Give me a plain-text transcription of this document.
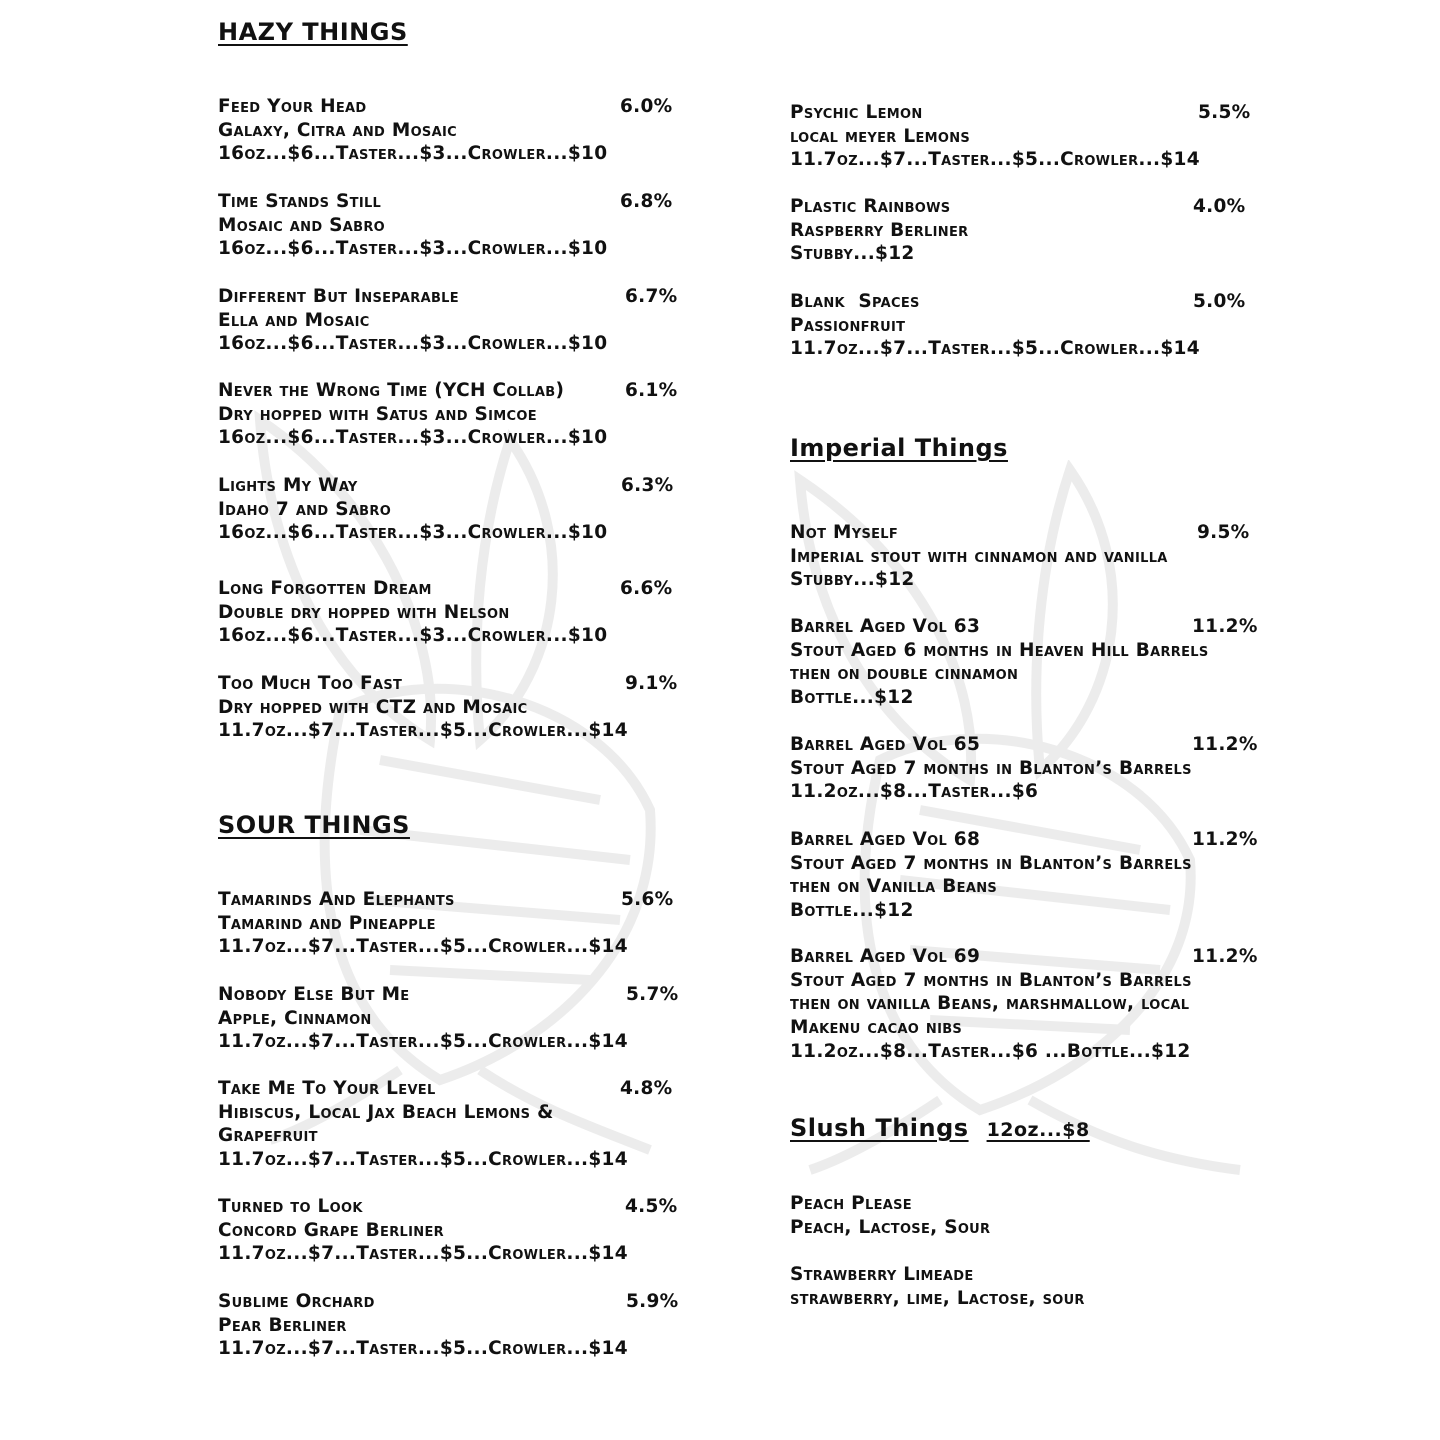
HAZY THINGS
Feed Your Head	6.0%
Galaxy, Citra and Mosaic
16oz...$6...Taster...$3...Crowler...$10
Time Stands Still	6.8%
Mosaic and Sabro
16oz...$6...Taster...$3...Crowler...$10
Different But Inseparable	6.7%
Ella and Mosaic
16oz...$6...Taster...$3...Crowler...$10
Never the Wrong Time (YCH Collab)	6.1%
Dry hopped with Satus and Simcoe
16oz...$6...Taster...$3...Crowler...$10
Lights My Way	6.3%
Idaho 7 and Sabro
16oz...$6...Taster...$3...Crowler...$10
Long Forgotten Dream	6.6%
Double dry hopped with Nelson
16oz...$6...Taster...$3...Crowler...$10
Too Much Too Fast	9.1%
Dry hopped with CTZ and Mosaic
11.7oz...$7...Taster...$5...Crowler...$14
SOUR THINGS
Tamarinds And Elephants	5.6%
Tamarind and Pineapple
11.7oz...$7...Taster...$5...Crowler...$14
Nobody Else But Me	5.7%
Apple, Cinnamon
11.7oz...$7...Taster...$5...Crowler...$14
Take Me To Your Level	4.8%
Hibiscus, Local Jax Beach Lemons &
Grapefruit
11.7oz...$7...Taster...$5...Crowler...$14
Turned to Look	4.5%
Concord Grape Berliner
11.7oz...$7...Taster...$5...Crowler...$14
Sublime Orchard	5.9%
Pear Berliner
11.7oz...$7...Taster...$5...Crowler...$14
Psychic Lemon	5.5%
local meyer Lemons
11.7oz...$7...Taster...$5...Crowler...$14
Plastic Rainbows	4.0%
Raspberry Berliner
Stubby...$12
Blank  Spaces	5.0%
Passionfruit
11.7oz...$7...Taster...$5...Crowler...$14
Imperial Things
Not Myself	9.5%
Imperial stout with cinnamon and vanilla
Stubby...$12
Barrel Aged Vol 63	11.2%
Stout Aged 6 months in Heaven Hill Barrels
then on double cinnamon
Bottle...$12
Barrel Aged Vol 65	11.2%
Stout Aged 7 months in Blanton’s Barrels
11.2oz...$8...Taster...$6
Barrel Aged Vol 68	11.2%
Stout Aged 7 months in Blanton’s Barrels
then on Vanilla Beans
Bottle...$12
Barrel Aged Vol 69	11.2%
Stout Aged 7 months in Blanton’s Barrels
then on vanilla Beans, marshmallow, local
Makenu cacao nibs
11.2oz...$8...Taster...$6 ...Bottle...$12
Slush Things 12oz...$8
Peach Please
Peach, Lactose, Sour
Strawberry Limeade
strawberry, lime, Lactose, sour
